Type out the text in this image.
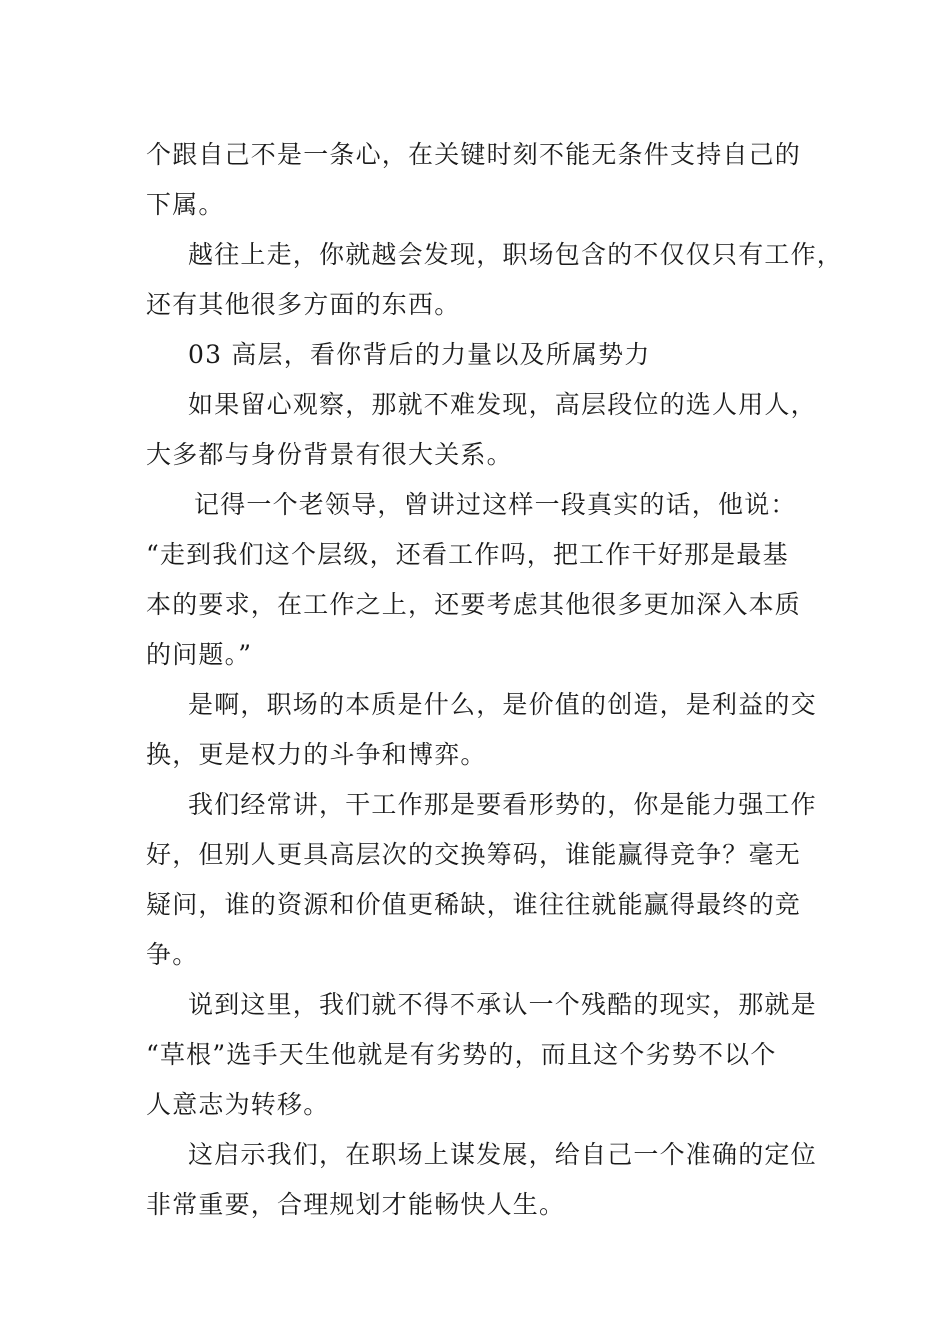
个跟自己不是一条心，在关键时刻不能无条件支持自己的
下属。
越往上走，你就越会发现，职场包含的不仅仅只有工作，
还有其他很多方面的东西。
03 高层，看你背后的力量以及所属势力
如果留心观察，那就不难发现，高层段位的选人用人，
大多都与身份背景有很大关系。
记得一个老领导，曾讲过这样一段真实的话，他说：
“走到我们这个层级，还看工作吗，把工作干好那是最基
本的要求，在工作之上，还要考虑其他很多更加深入本质
的问题。”
是啊，职场的本质是什么，是价值的创造，是利益的交
换，更是权力的斗争和博弈。
我们经常讲，干工作那是要看形势的，你是能力强工作
好，但别人更具高层次的交换筹码，谁能赢得竞争？毫无
疑问，谁的资源和价值更稀缺，谁往往就能赢得最终的竞
争。
说到这里，我们就不得不承认一个残酷的现实，那就是
“草根”选手天生他就是有劣势的，而且这个劣势不以个
人意志为转移。
这启示我们，在职场上谋发展，给自己一个准确的定位
非常重要，合理规划才能畅快人生。
